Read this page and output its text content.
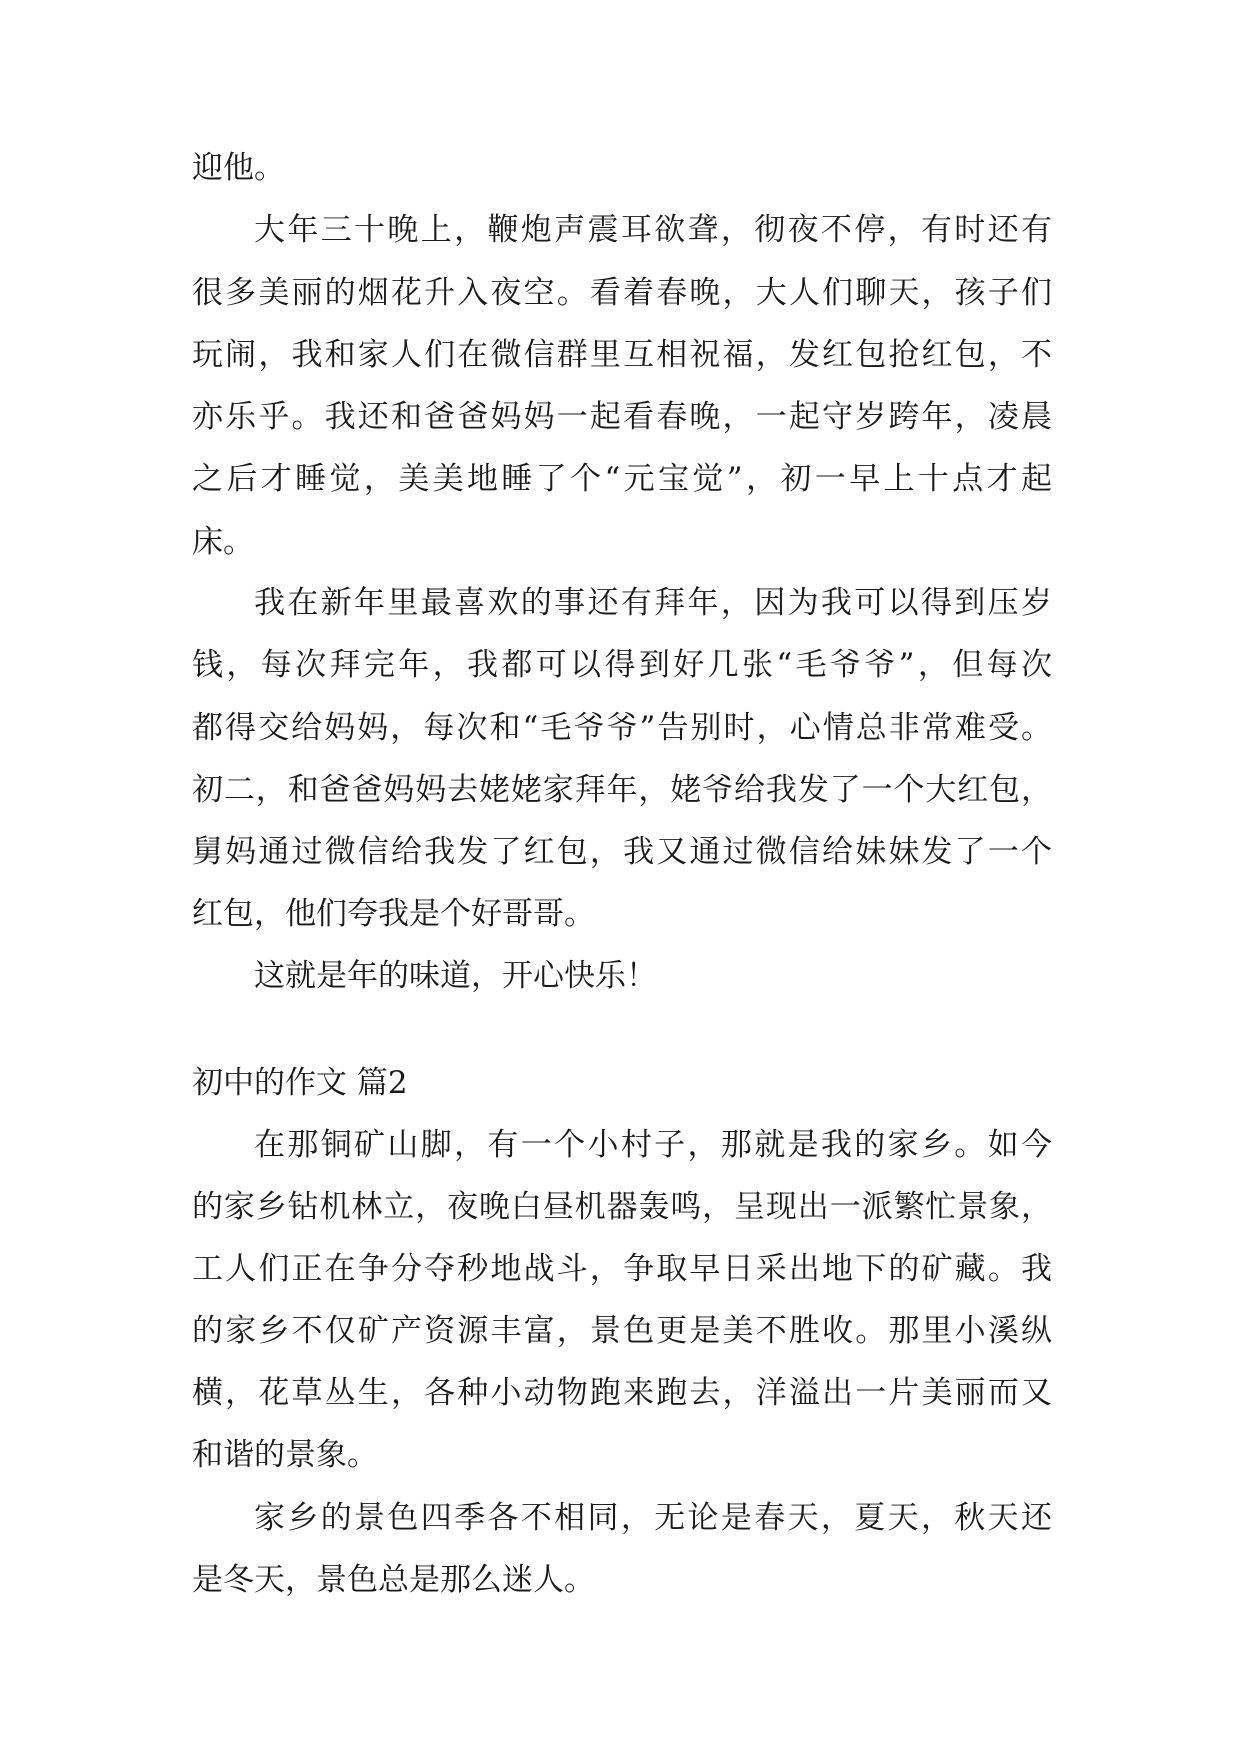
迎他。
大年三十晚上，鞭炮声震耳欲聋，彻夜不停，有时还有
很多美丽的烟花升入夜空。看着春晚，大人们聊天，孩子们
玩闹，我和家人们在微信群里互相祝福，发红包抢红包，不
亦乐乎。我还和爸爸妈妈一起看春晚，一起守岁跨年，凌晨
之后才睡觉，美美地睡了个“元宝觉”，初一早上十点才起
床。
我在新年里最喜欢的事还有拜年，因为我可以得到压岁
钱，每次拜完年，我都可以得到好几张“毛爷爷”，但每次
都得交给妈妈，每次和“毛爷爷”告别时，心情总非常难受。
初二，和爸爸妈妈去姥姥家拜年，姥爷给我发了一个大红包，
舅妈通过微信给我发了红包，我又通过微信给妹妹发了一个
红包，他们夸我是个好哥哥。
这就是年的味道，开心快乐！
初中的作文 篇2
在那铜矿山脚，有一个小村子，那就是我的家乡。如今
的家乡钻机林立，夜晚白昼机器轰鸣，呈现出一派繁忙景象，
工人们正在争分夺秒地战斗，争取早日采出地下的矿藏。我
的家乡不仅矿产资源丰富，景色更是美不胜收。那里小溪纵
横，花草丛生，各种小动物跑来跑去，洋溢出一片美丽而又
和谐的景象。
家乡的景色四季各不相同，无论是春天，夏天，秋天还
是冬天，景色总是那么迷人。
